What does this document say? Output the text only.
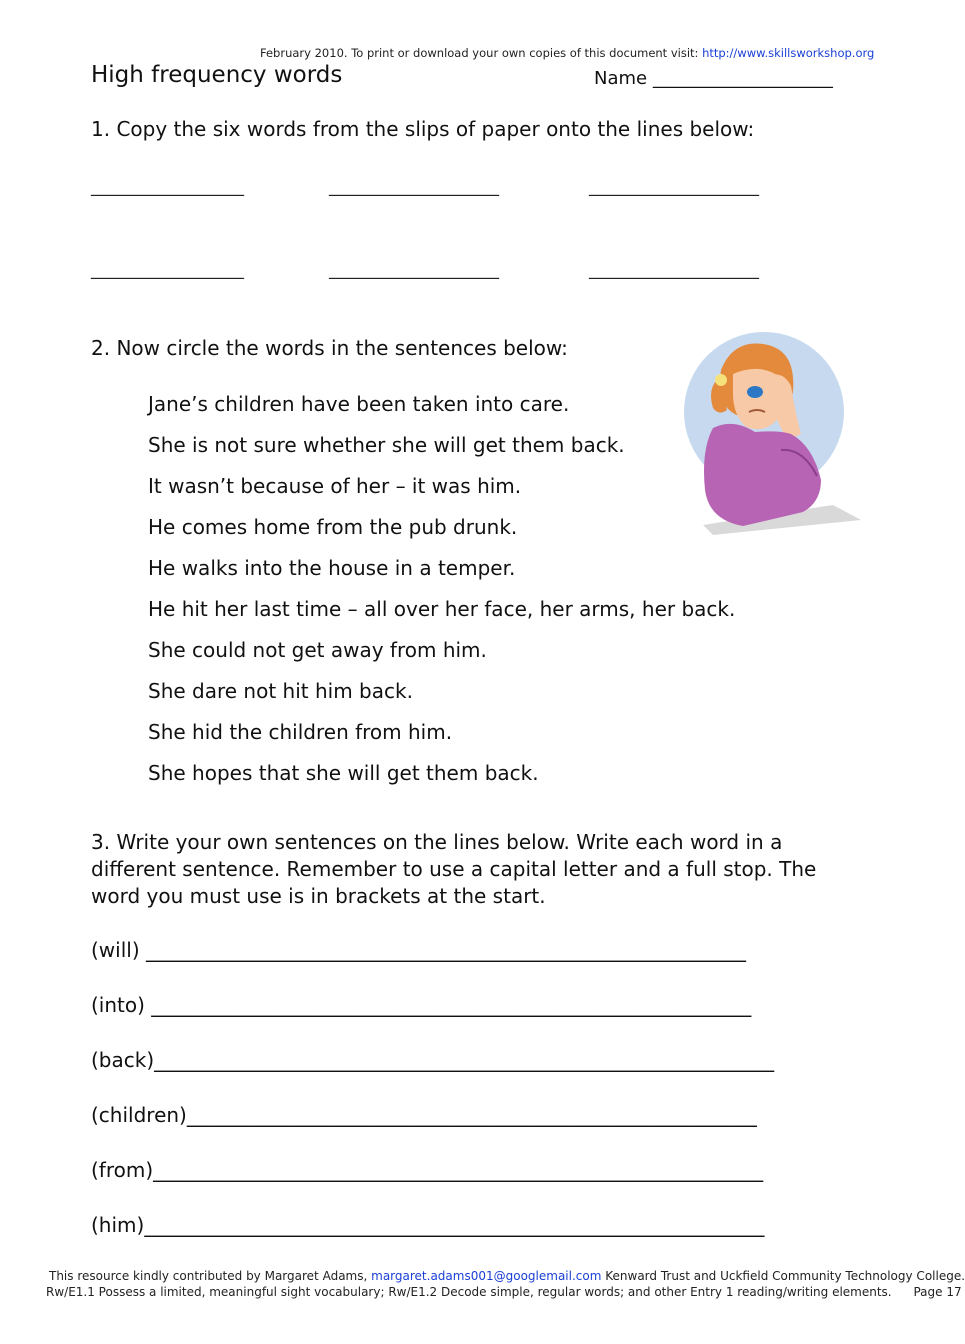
February 2010. To print or download your own copies of this document visit: http://www.skillsworkshop.org
High frequency words	Name ____________________
1. Copy the six words from the slips of paper onto the lines below:
__________________	____________________	____________________
__________________	____________________	____________________
2. Now circle the words in the sentences below:
Jane’s children have been taken into care.
She is not sure whether she will get them back.
It wasn’t because of her – it was him.
He comes home from the pub drunk.
He walks into the house in a temper.
He hit her last time – all over her face, her arms, her back.
She could not get away from him.
She dare not hit him back.
She hid the children from him.
She hopes that she will get them back.
3. Write your own sentences on the lines below. Write each word in a different sentence. Remember to use a capital letter and a full stop. The word you must use is in brackets at the start.
(will) ____________________________________________________________
(into) ____________________________________________________________
(back)______________________________________________________________
(children)_________________________________________________________
(from)_____________________________________________________________
(him)______________________________________________________________
This resource kindly contributed by Margaret Adams, margaret.adams001@googlemail.com Kenward Trust and Uckfield Community Technology College.
Rw/E1.1 Possess a limited, meaningful sight vocabulary; Rw/E1.2 Decode simple, regular words; and other Entry 1 reading/writing elements. Page 17
